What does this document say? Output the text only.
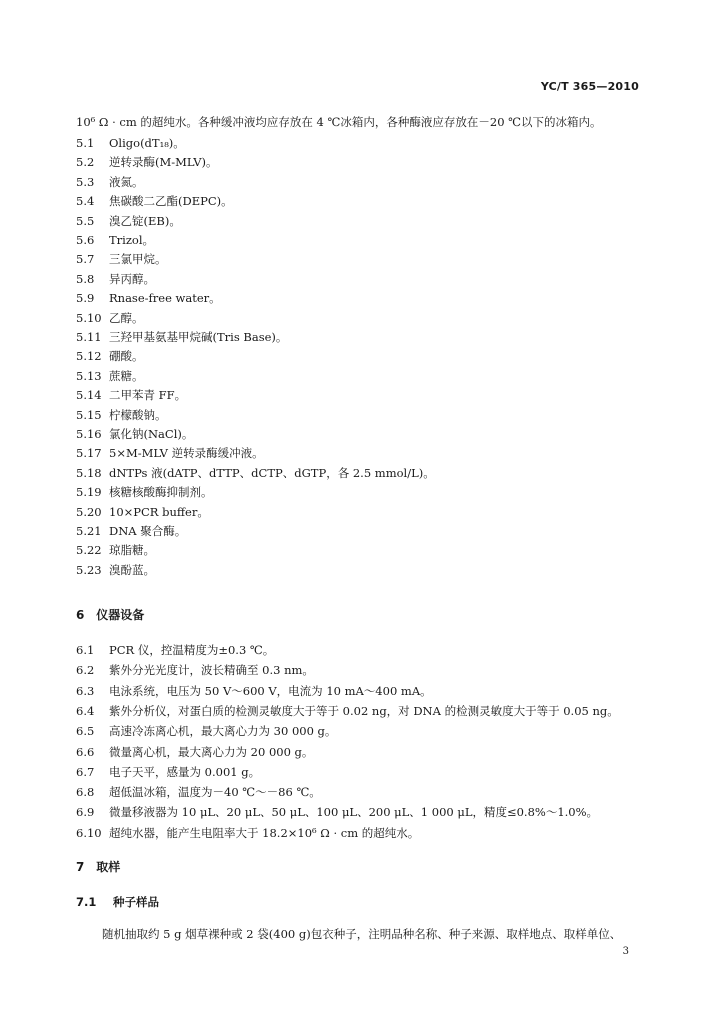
YC/T 365—2010
10⁶ Ω · cm 的超纯水。各种缓冲液均应存放在 4 ℃冰箱内，各种酶液应存放在－20 ℃以下的冰箱内。
5.1 Oligo(dT₁₈)。
5.2 逆转录酶(M-MLV)。
5.3 液氮。
5.4 焦碳酸二乙酯(DEPC)。
5.5 溴乙锭(EB)。
5.6 Trizol。
5.7 三氯甲烷。
5.8 异丙醇。
5.9 Rnase-free water。
5.10 乙醇。
5.11 三羟甲基氨基甲烷碱(Tris Base)。
5.12 硼酸。
5.13 蔗糖。
5.14 二甲苯青 FF。
5.15 柠檬酸钠。
5.16 氯化钠(NaCl)。
5.17 5×M-MLV 逆转录酶缓冲液。
5.18 dNTPs 液(dATP、dTTP、dCTP、dGTP，各 2.5 mmol/L)。
5.19 核糖核酸酶抑制剂。
5.20 10×PCR buffer。
5.21 DNA 聚合酶。
5.22 琼脂糖。
5.23 溴酚蓝。
6 仪器设备
6.1 PCR 仪，控温精度为±0.3 ℃。
6.2 紫外分光光度计，波长精确至 0.3 nm。
6.3 电泳系统，电压为 50 V～600 V，电流为 10 mA～400 mA。
6.4 紫外分析仪，对蛋白质的检测灵敏度大于等于 0.02 ng，对 DNA 的检测灵敏度大于等于 0.05 ng。
6.5 高速冷冻离心机，最大离心力为 30 000 g。
6.6 微量离心机，最大离心力为 20 000 g。
6.7 电子天平，感量为 0.001 g。
6.8 超低温冰箱，温度为－40 ℃～－86 ℃。
6.9 微量移液器为 10 μL、20 μL、50 μL、100 μL、200 μL、1 000 μL，精度≤0.8%～1.0%。
6.10 超纯水器，能产生电阻率大于 18.2×10⁶ Ω · cm 的超纯水。
7 取样
7.1 种子样品
随机抽取约 5 g 烟草裸种或 2 袋(400 g)包衣种子，注明品种名称、种子来源、取样地点、取样单位、
3
